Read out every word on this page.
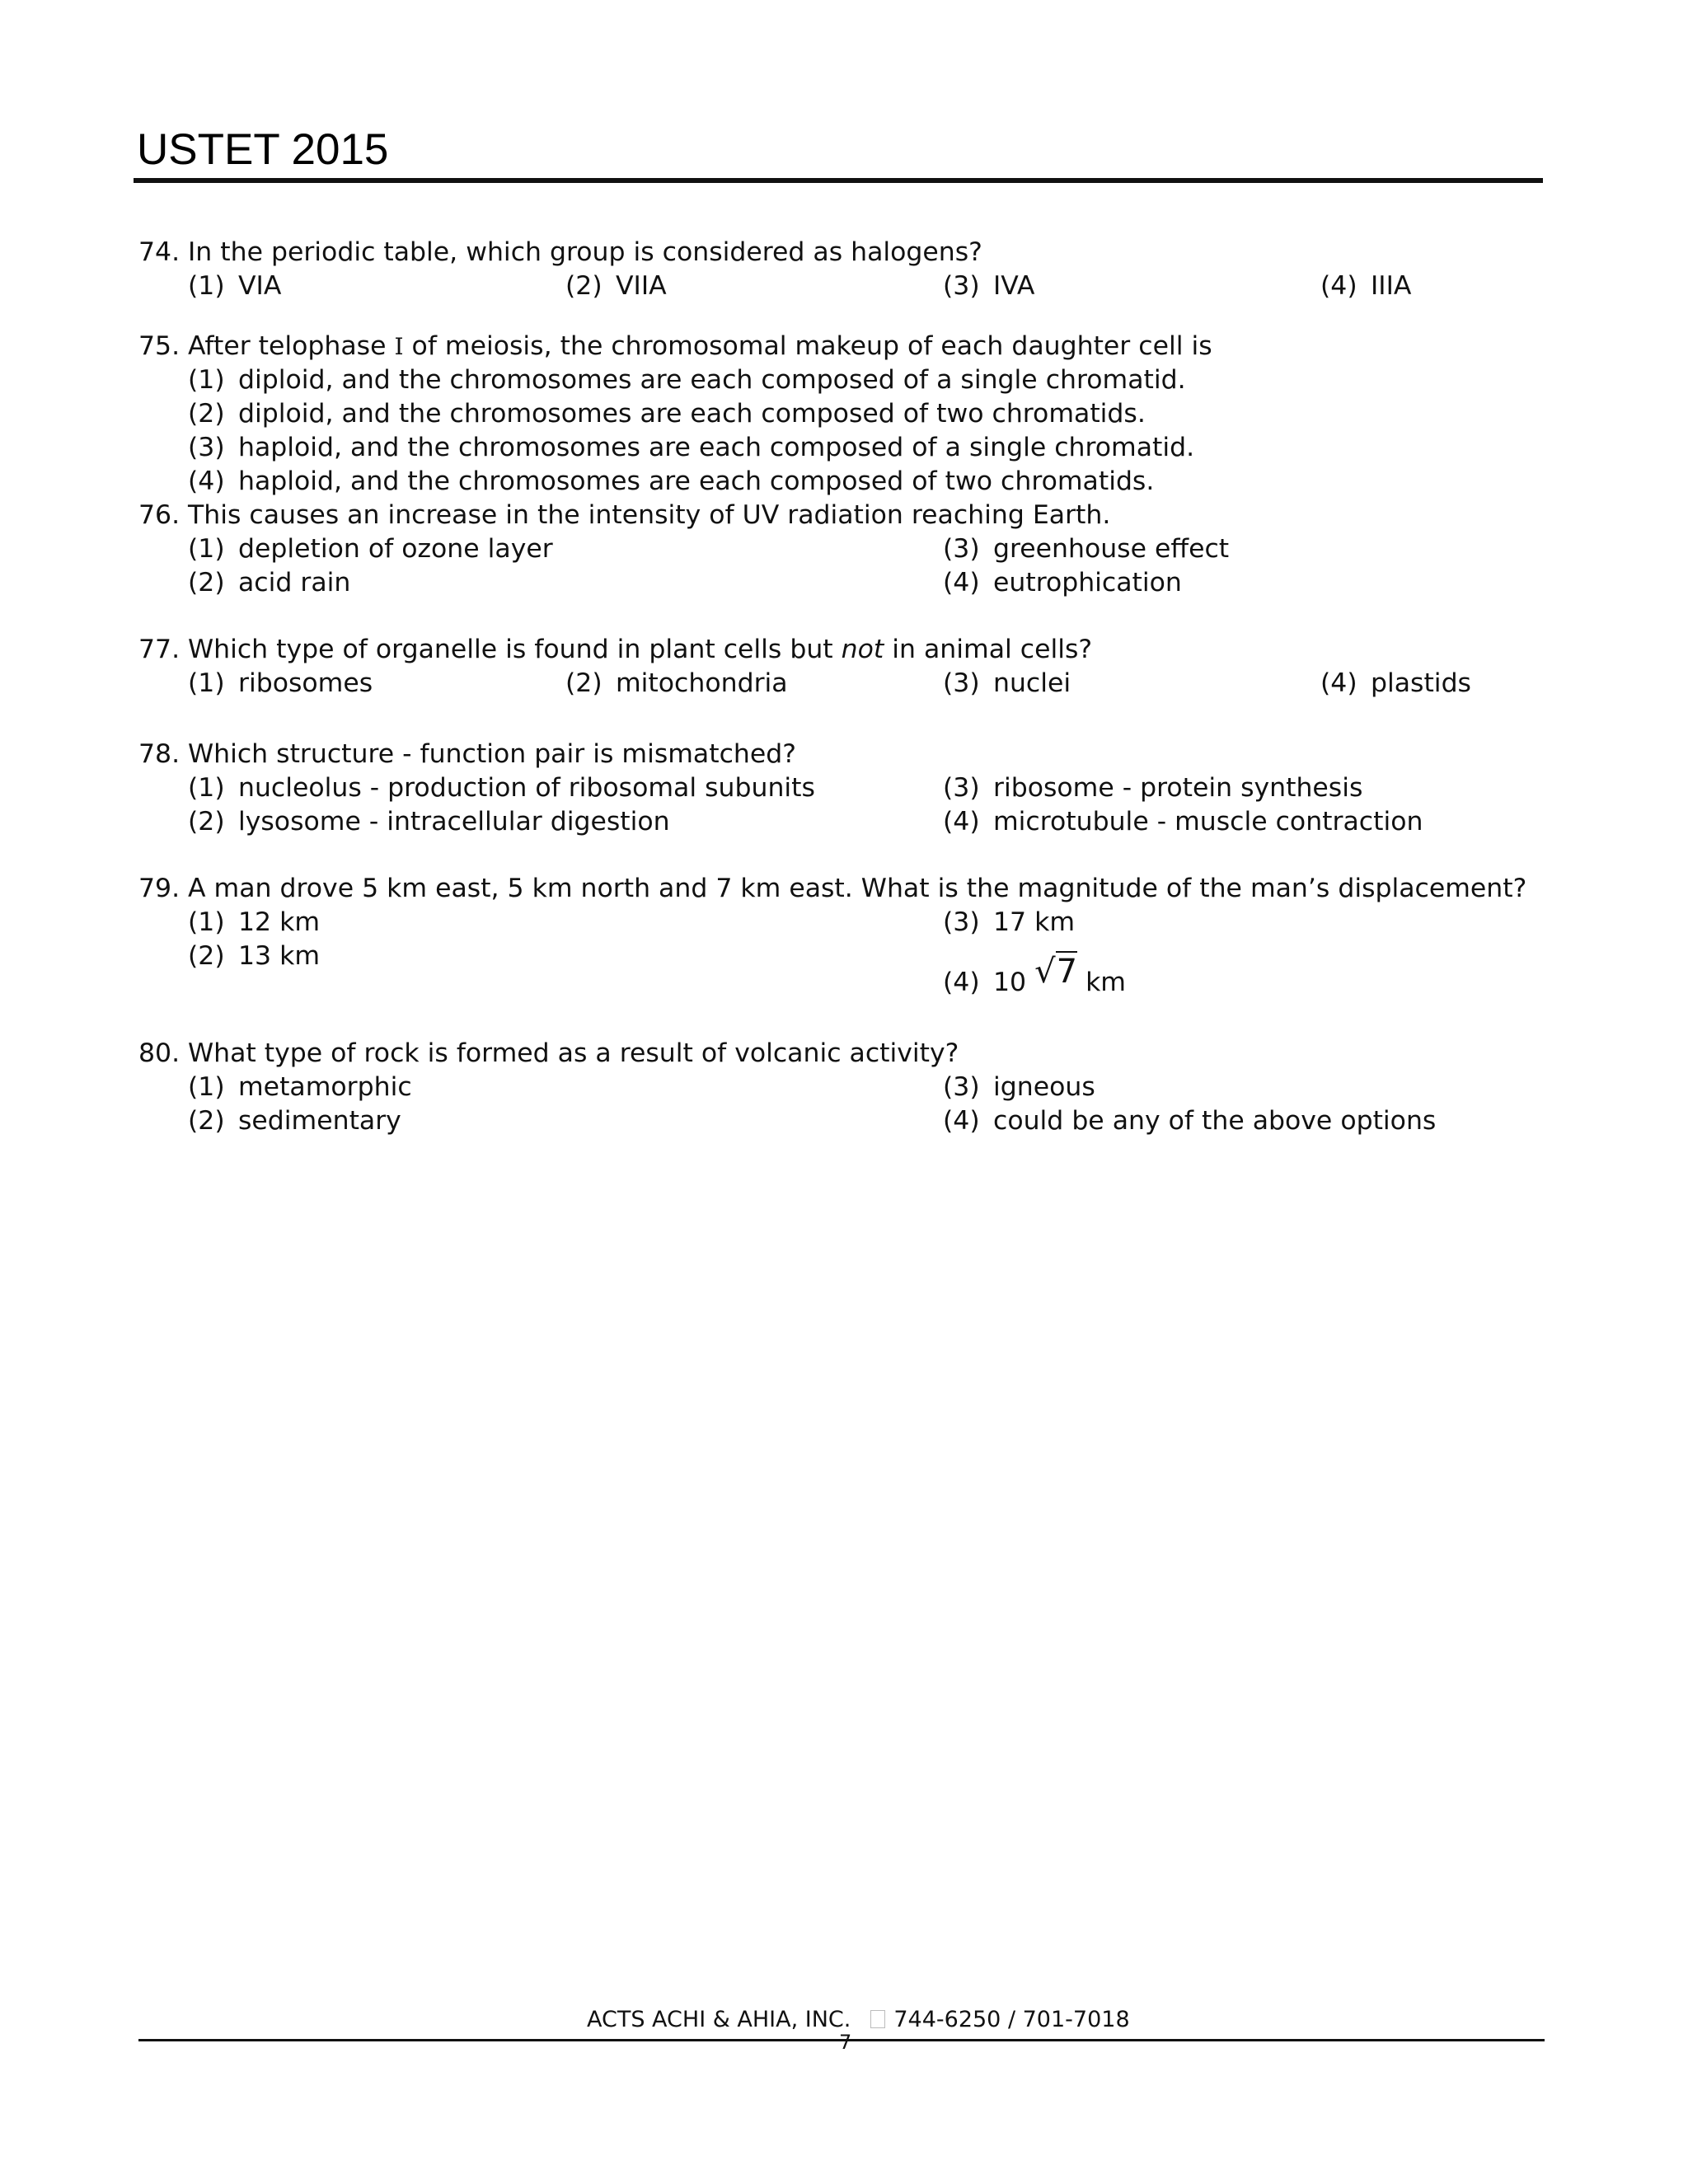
USTET 2015
74. In the periodic table, which group is considered as halogens?
(1) VIA	(2) VIIA	(3) IVA	(4) IIIA
75. After telophase I of meiosis, the chromosomal makeup of each daughter cell is
(1) diploid, and the chromosomes are each composed of a single chromatid.
(2) diploid, and the chromosomes are each composed of two chromatids.
(3) haploid, and the chromosomes are each composed of a single chromatid.
(4) haploid, and the chromosomes are each composed of two chromatids.
76. This causes an increase in the intensity of UV radiation reaching Earth.
(1) depletion of ozone layer	(3) greenhouse effect
(2) acid rain	(4) eutrophication
77. Which type of organelle is found in plant cells but not in animal cells?
(1) ribosomes	(2) mitochondria	(3) nuclei	(4) plastids
78. Which structure - function pair is mismatched?
(1) nucleolus - production of ribosomal subunits	(3) ribosome - protein synthesis
(2) lysosome - intracellular digestion	(4) microtubule - muscle contraction
79. A man drove 5 km east, 5 km north and 7 km east. What is the magnitude of the man’s displacement?
(1) 12 km	(3) 17 km
(2) 13 km
(4) 10 √7 km
80. What type of rock is formed as a result of volcanic activity?
(1) metamorphic	(3) igneous
(2) sedimentary	(4) could be any of the above options
ACTS ACHI & AHIA, INC. 744-6250 / 701-7018
7
